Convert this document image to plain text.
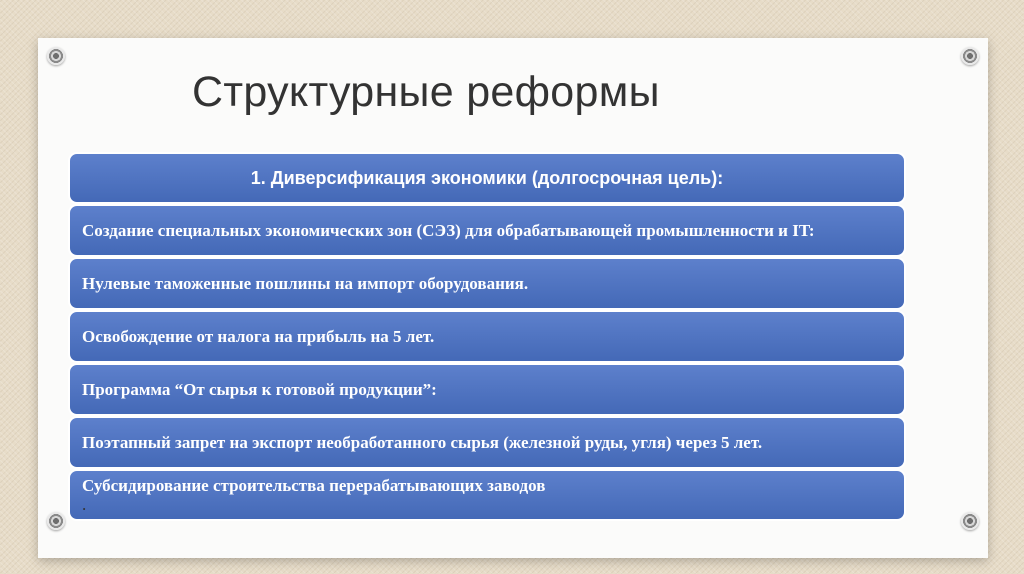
Структурные реформы
1. Диверсификация экономики (долгосрочная цель):
Создание специальных экономических зон (СЭЗ) для обрабатывающей промышленности и IT:
Нулевые таможенные пошлины на импорт оборудования.
Освобождение от налога на прибыль на 5 лет.
Программа “От сырья к готовой продукции”:
Поэтапный запрет на экспорт необработанного сырья (железной руды, угля) через 5 лет.
Субсидирование строительства перерабатывающих заводов
.
